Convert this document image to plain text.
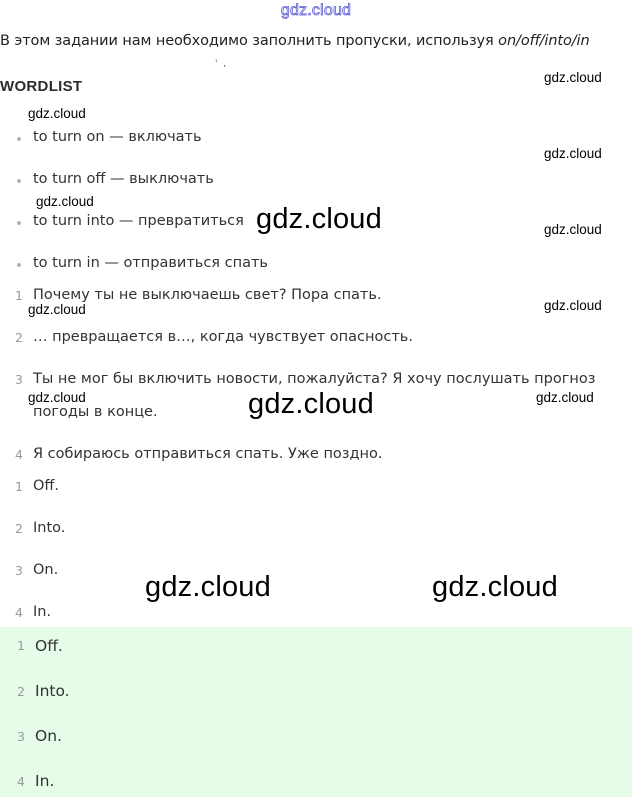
gdz.cloud
В этом задании нам необходимо заполнить пропуски, используя on/off/into/in
'  ,
WORDLIST
to turn on — включать
to turn off — выключать
to turn into — превратиться
to turn in — отправиться спать
1 Почему ты не выключаешь свет? Пора спать.
2 … превращается в…, когда чувствует опасность.
3 Ты не мог бы включить новости, пожалуйста? Я хочу послушать прогноз
погоды в конце.
4 Я собираюсь отправиться спать. Уже поздно.
1 Off.
2 Into.
3 On.
4 In.
1 Off.
2 Into.
3 On.
4 In.
gdz.cloud
gdz.cloud
gdz.cloud
gdz.cloud
gdz.cloud
gdz.cloud
gdz.cloud
gdz.cloud	gdz.cloud
gdz.cloud
gdz.cloud
gdz.cloud	gdz.cloud
